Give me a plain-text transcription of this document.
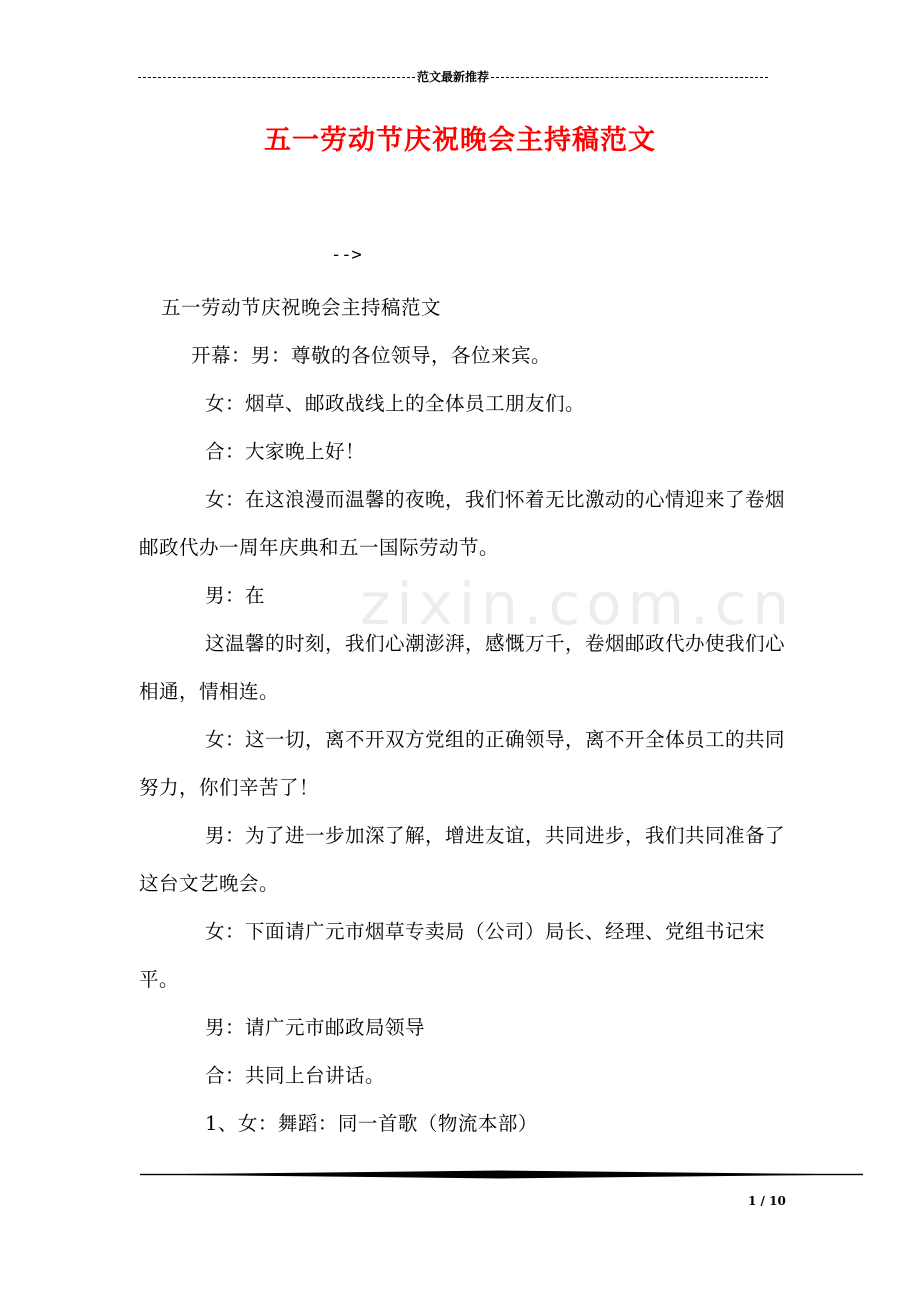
范文最新推荐
五一劳动节庆祝晚会主持稿范文
-->
zixin.com.cn

五一劳动节庆祝晚会主持稿范文

开幕：男：尊敬的各位领导，各位来宾。

女：烟草、邮政战线上的全体员工朋友们。

合：大家晚上好！

女：在这浪漫而温馨的夜晚，我们怀着无比激动的心情迎来了卷烟邮政代办一周年庆典和五一国际劳动节。

男：在

这温馨的时刻，我们心潮澎湃，感慨万千，卷烟邮政代办使我们心相通，情相连。

女：这一切，离不开双方党组的正确领导，离不开全体员工的共同努力，你们辛苦了！

男：为了进一步加深了解，增进友谊，共同进步，我们共同准备了这台文艺晚会。

女：下面请广元市烟草专卖局（公司）局长、经理、党组书记宋平。

男：请广元市邮政局领导

合：共同上台讲话。

1、女：舞蹈：同一首歌（物流本部）

1 / 10
